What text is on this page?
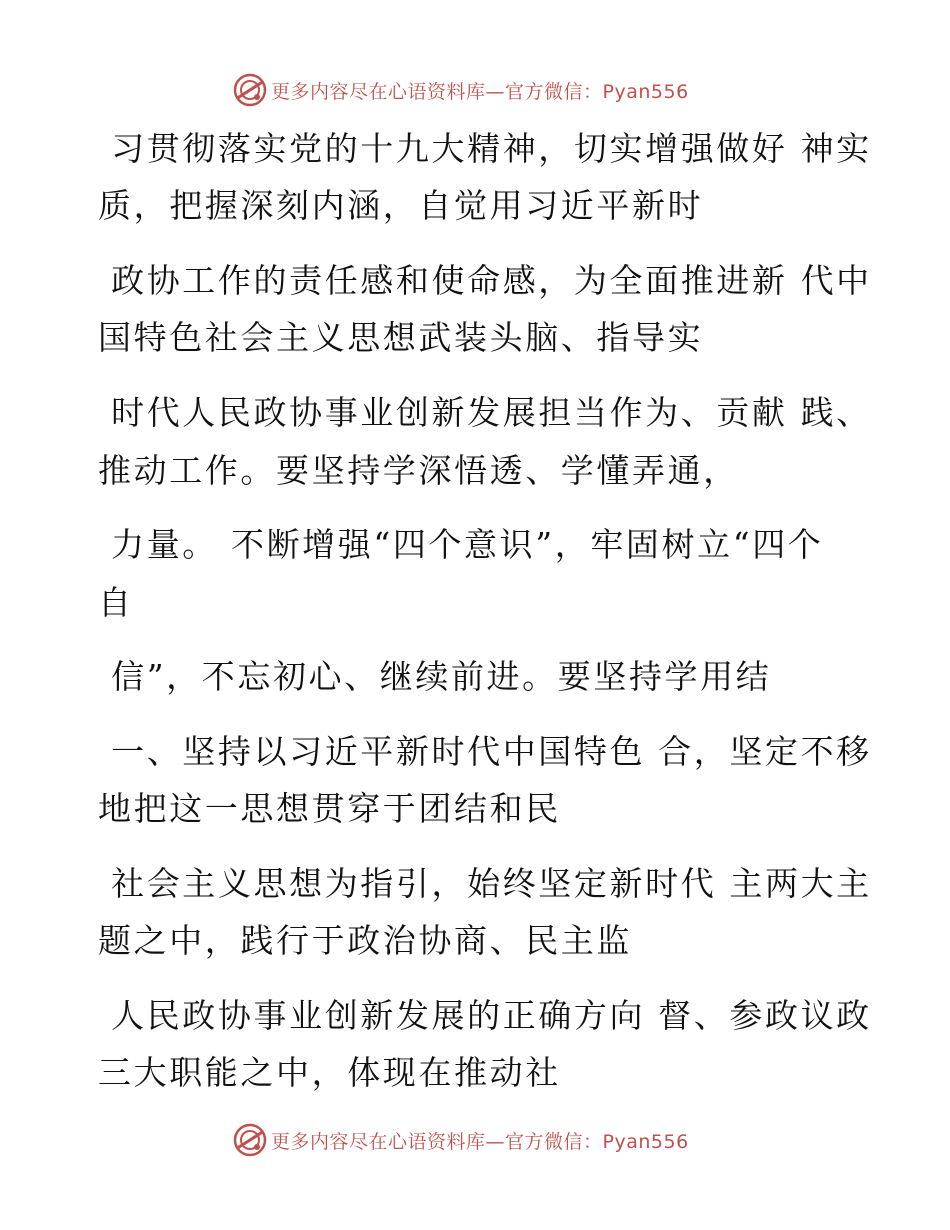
更多内容尽在心语资料库—官方微信：Pyan556
习贯彻落实党的十九大精神，切实增强做好 神实
质，把握深刻内涵，自觉用习近平新时
政协工作的责任感和使命感，为全面推进新 代中
国特色社会主义思想武装头脑、指导实
时代人民政协事业创新发展担当作为、贡献 践、
推动工作。要坚持学深悟透、学懂弄通，
力量。 不断增强“四个意识”，牢固树立“四个
自
信”，不忘初心、继续前进。要坚持学用结
一、坚持以习近平新时代中国特色 合，坚定不移
地把这一思想贯穿于团结和民
社会主义思想为指引，始终坚定新时代 主两大主
题之中，践行于政治协商、民主监
人民政协事业创新发展的正确方向 督、参政议政
三大职能之中，体现在推动社
更多内容尽在心语资料库—官方微信：Pyan556
